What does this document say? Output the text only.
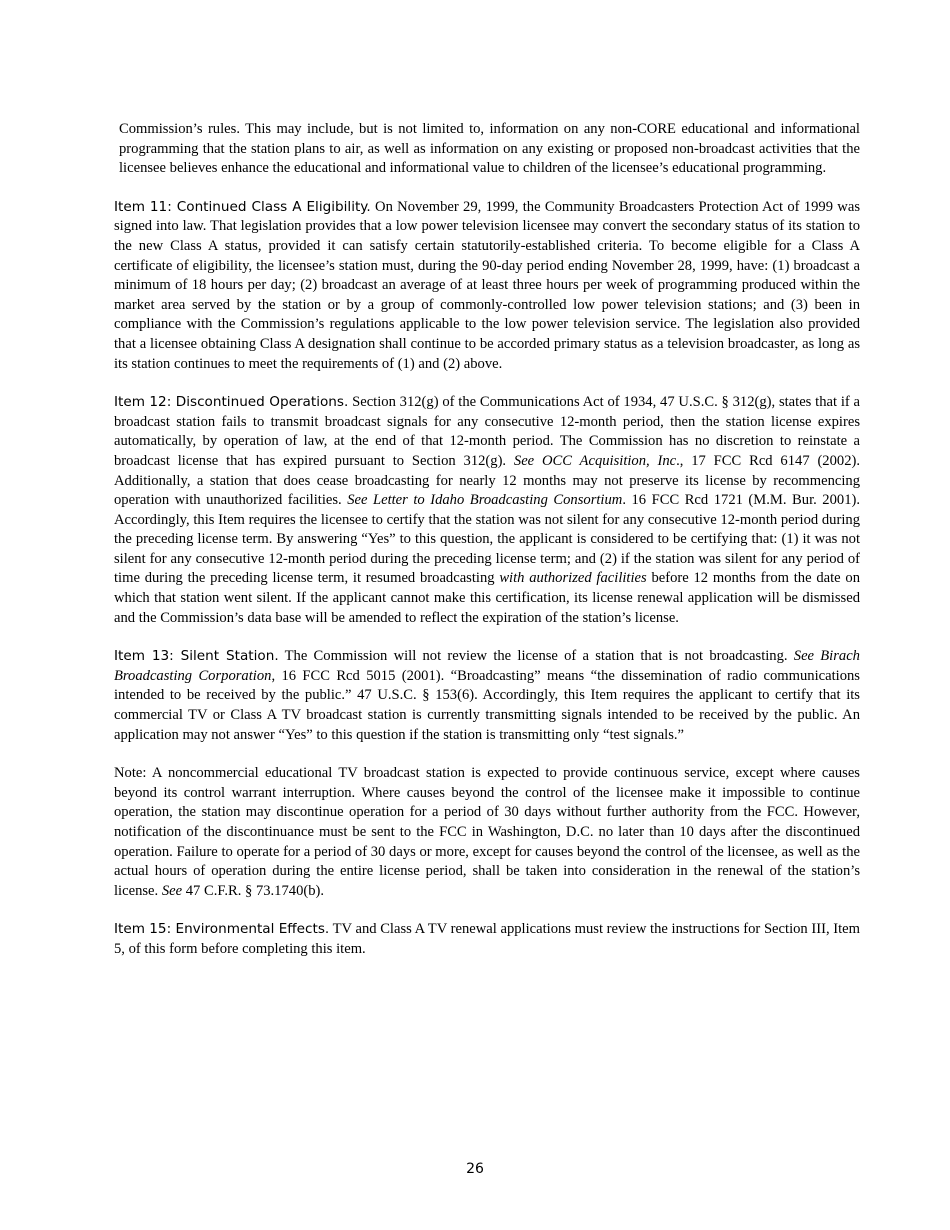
Commission’s rules. This may include, but is not limited to, information on any non-CORE educational and informational programming that the station plans to air, as well as information on any existing or proposed non-broadcast activities that the licensee believes enhance the educational and informational value to children of the licensee’s educational programming.

Item 11: Continued Class A Eligibility. On November 29, 1999, the Community Broadcasters Protection Act of 1999 was signed into law. That legislation provides that a low power television licensee may convert the secondary status of its station to the new Class A status, provided it can satisfy certain statutorily-established criteria. To become eligible for a Class A certificate of eligibility, the licensee’s station must, during the 90-day period ending November 28, 1999, have: (1) broadcast a minimum of 18 hours per day; (2) broadcast an average of at least three hours per week of programming produced within the market area served by the station or by a group of commonly-controlled low power television stations; and (3) been in compliance with the Commission’s regulations applicable to the low power television service. The legislation also provided that a licensee obtaining Class A designation shall continue to be accorded primary status as a television broadcaster, as long as its station continues to meet the requirements of (1) and (2) above.

Item 12: Discontinued Operations. Section 312(g) of the Communications Act of 1934, 47 U.S.C. § 312(g), states that if a broadcast station fails to transmit broadcast signals for any consecutive 12-month period, then the station license expires automatically, by operation of law, at the end of that 12-month period. The Commission has no discretion to reinstate a broadcast license that has expired pursuant to Section 312(g). See OCC Acquisition, Inc., 17 FCC Rcd 6147 (2002). Additionally, a station that does cease broadcasting for nearly 12 months may not preserve its license by recommencing operation with unauthorized facilities. See Letter to Idaho Broadcasting Consortium. 16 FCC Rcd 1721 (M.M. Bur. 2001). Accordingly, this Item requires the licensee to certify that the station was not silent for any consecutive 12-month period during the preceding license term. By answering “Yes” to this question, the applicant is considered to be certifying that: (1) it was not silent for any consecutive 12-month period during the preceding license term; and (2) if the station was silent for any period of time during the preceding license term, it resumed broadcasting with authorized facilities before 12 months from the date on which that station went silent. If the applicant cannot make this certification, its license renewal application will be dismissed and the Commission’s data base will be amended to reflect the expiration of the station’s license.

Item 13: Silent Station. The Commission will not review the license of a station that is not broadcasting. See Birach Broadcasting Corporation, 16 FCC Rcd 5015 (2001). “Broadcasting” means “the dissemination of radio communications intended to be received by the public.” 47 U.S.C. § 153(6). Accordingly, this Item requires the applicant to certify that its commercial TV or Class A TV broadcast station is currently transmitting signals intended to be received by the public. An application may not answer “Yes” to this question if the station is transmitting only “test signals.”

Note: A noncommercial educational TV broadcast station is expected to provide continuous service, except where causes beyond its control warrant interruption. Where causes beyond the control of the licensee make it impossible to continue operation, the station may discontinue operation for a period of 30 days without further authority from the FCC. However, notification of the discontinuance must be sent to the FCC in Washington, D.C. no later than 10 days after the discontinued operation. Failure to operate for a period of 30 days or more, except for causes beyond the control of the licensee, as well as the actual hours of operation during the entire license period, shall be taken into consideration in the renewal of the station’s license. See 47 C.F.R. § 73.1740(b).

Item 15: Environmental Effects. TV and Class A TV renewal applications must review the instructions for Section III, Item 5, of this form before completing this item.

26
